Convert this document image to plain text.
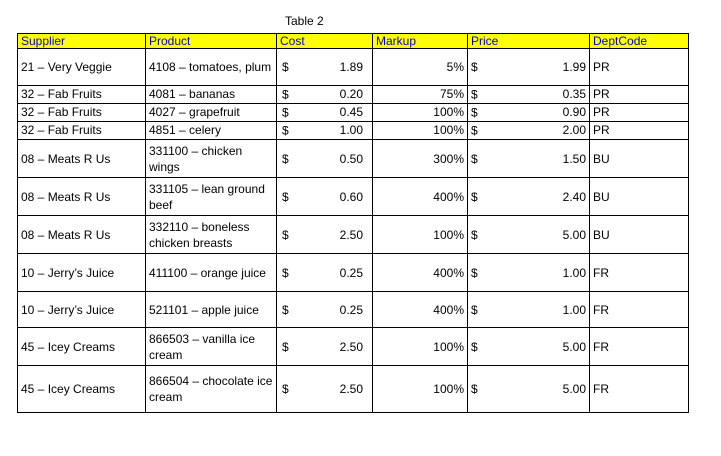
Table 2
Supplier	Product	Cost	Markup	Price	DeptCode
21 – Very Veggie	4108 – tomatoes, plum	$ 1.89	5%	$ 1.99	PR
32 – Fab Fruits	4081 – bananas	$ 0.20	75%	$ 0.35	PR
32 – Fab Fruits	4027 – grapefruit	$ 0.45	100%	$ 0.90	PR
32 – Fab Fruits	4851 – celery	$ 1.00	100%	$ 2.00	PR
08 – Meats R Us	331100 – chicken wings	$ 0.50	300%	$ 1.50	BU
08 – Meats R Us	331105 – lean ground beef	$ 0.60	400%	$ 2.40	BU
08 – Meats R Us	332110 – boneless chicken breasts	$ 2.50	100%	$ 5.00	BU
10 – Jerry’s Juice	411100 – orange juice	$ 0.25	400%	$ 1.00	FR
10 – Jerry’s Juice	521101 – apple juice	$ 0.25	400%	$ 1.00	FR
45 – Icey Creams	866503 – vanilla ice cream	$ 2.50	100%	$ 5.00	FR
45 – Icey Creams	866504 – chocolate ice cream	$ 2.50	100%	$ 5.00	FR
